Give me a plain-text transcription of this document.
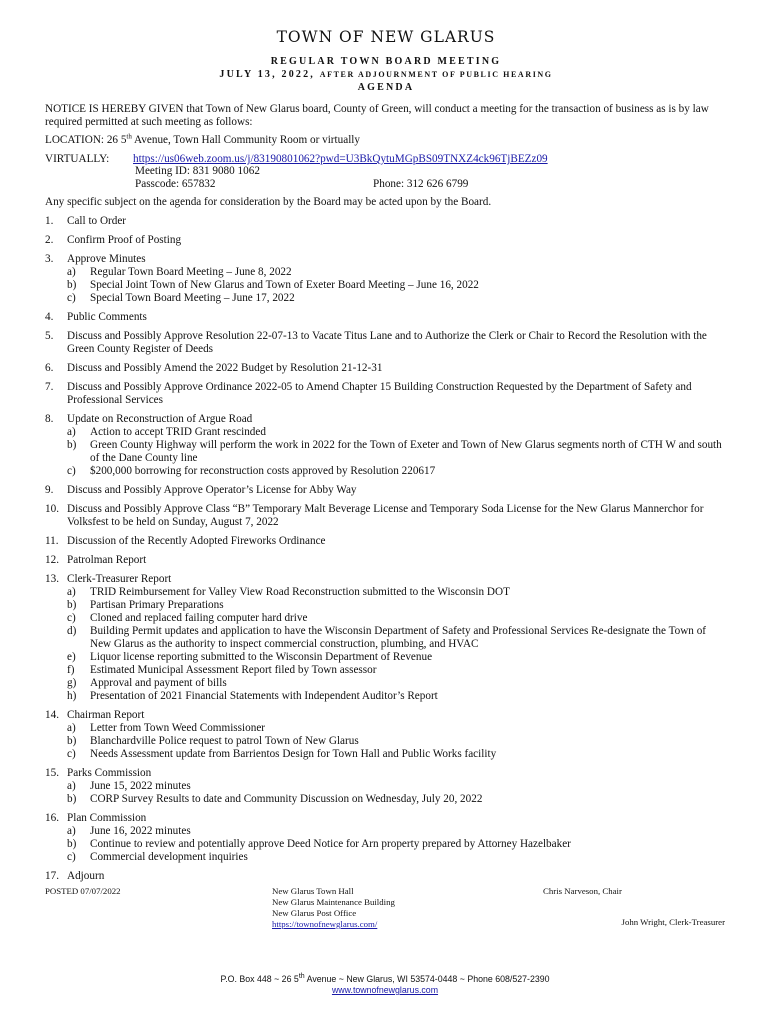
TOWN OF NEW GLARUS
REGULAR TOWN BOARD MEETING
JULY 13, 2022, AFTER ADJOURNMENT OF PUBLIC HEARING
AGENDA

NOTICE IS HEREBY GIVEN that Town of New Glarus board, County of Green, will conduct a meeting for the transaction of business as is by law required permitted at such meeting as follows:

LOCATION: 26 5th Avenue, Town Hall Community Room or virtually

VIRTUALLY:	https://us06web.zoom.us/j/83190801062?pwd=U3BkQytuMGpBS09TNXZ4ck96TjBEZz09
Meeting ID: 831 9080 1062
Passcode: 657832	Phone: 312 626 6799

Any specific subject on the agenda for consideration by the Board may be acted upon by the Board.

1.	Call to Order
2.	Confirm Proof of Posting
3.	Approve Minutes
a)	Regular Town Board Meeting – June 8, 2022
b)	Special Joint Town of New Glarus and Town of Exeter Board Meeting – June 16, 2022
c)	Special Town Board Meeting – June 17, 2022
4.	Public Comments
5.	Discuss and Possibly Approve Resolution 22-07-13 to Vacate Titus Lane and to Authorize the Clerk or Chair to Record the Resolution with the Green County Register of Deeds
6.	Discuss and Possibly Amend the 2022 Budget by Resolution 21-12-31
7.	Discuss and Possibly Approve Ordinance 2022-05 to Amend Chapter 15 Building Construction Requested by the Department of Safety and Professional Services
8.	Update on Reconstruction of Argue Road
a)	Action to accept TRID Grant rescinded
b)	Green County Highway will perform the work in 2022 for the Town of Exeter and Town of New Glarus segments north of CTH W and south of the Dane County line
c)	$200,000 borrowing for reconstruction costs approved by Resolution 220617
9.	Discuss and Possibly Approve Operator’s License for Abby Way
10. Discuss and Possibly Approve Class “B” Temporary Malt Beverage License and Temporary Soda License for the New Glarus Mannerchor for Volksfest to be held on Sunday, August 7, 2022
11. Discussion of the Recently Adopted Fireworks Ordinance
12. Patrolman Report
13. Clerk-Treasurer Report
a)	TRID Reimbursement for Valley View Road Reconstruction submitted to the Wisconsin DOT
b)	Partisan Primary Preparations
c)	Cloned and replaced failing computer hard drive
d)	Building Permit updates and application to have the Wisconsin Department of Safety and Professional Services Re-designate the Town of New Glarus as the authority to inspect commercial construction, plumbing, and HVAC
e)	Liquor license reporting submitted to the Wisconsin Department of Revenue
f)	Estimated Municipal Assessment Report filed by Town assessor
g)	Approval and payment of bills
h)	Presentation of 2021 Financial Statements with Independent Auditor’s Report
14. Chairman Report
a)	Letter from Town Weed Commissioner
b)	Blanchardville Police request to patrol Town of New Glarus
c)	Needs Assessment update from Barrientos Design for Town Hall and Public Works facility
15. Parks Commission
a)	June 15, 2022 minutes
b)	CORP Survey Results to date and Community Discussion on Wednesday, July 20, 2022
16. Plan Commission
a)	June 16, 2022 minutes
b)	Continue to review and potentially approve Deed Notice for Arn property prepared by Attorney Hazelbaker
c)	Commercial development inquiries
17. Adjourn
POSTED 07/07/2022	New Glarus Town Hall
New Glarus Maintenance Building
New Glarus Post Office
https://townofnewglarus.com/
Chris Narveson, Chair
John Wright, Clerk-Treasurer
P.O. Box 448 ~ 26 5th Avenue ~ New Glarus, WI 53574-0448 ~ Phone 608/527-2390
www.townofnewglarus.com
